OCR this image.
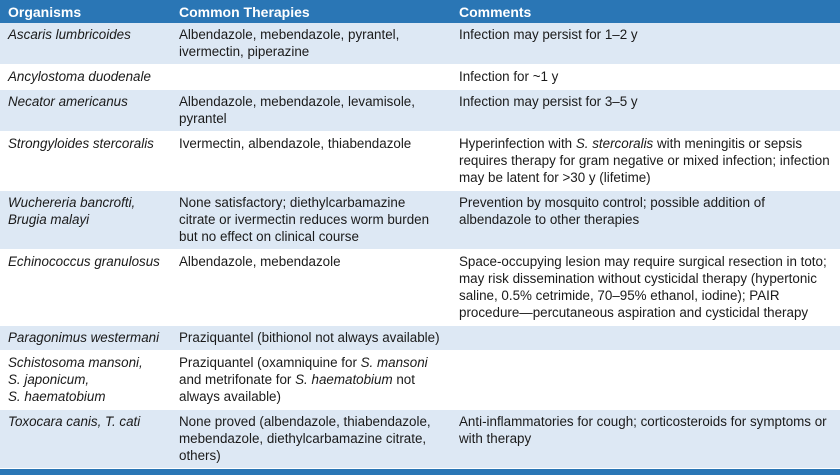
Organisms	Common Therapies	Comments
Ascaris lumbricoides	Albendazole, mebendazole, pyrantel, ivermectin, piperazine	Infection may persist for 1–2 y
Ancylostoma duodenale		Infection for ~1 y
Necator americanus	Albendazole, mebendazole, levamisole, pyrantel	Infection may persist for 3–5 y
Strongyloides stercoralis	Ivermectin, albendazole, thiabendazole	Hyperinfection with S. stercoralis with meningitis or sepsis requires therapy for gram negative or mixed infection; infection may be latent for >30 y (lifetime)
Wuchereria bancrofti,
Brugia malayi	None satisfactory; diethylcarbamazine citrate or ivermectin reduces worm burden but no effect on clinical course	Prevention by mosquito control; possible addition of albendazole to other therapies
Echinococcus granulosus	Albendazole, mebendazole	Space-occupying lesion may require surgical resection in toto; may risk dissemination without cysticidal therapy (hypertonic saline, 0.5% cetrimide, 70–95% ethanol, iodine); PAIR procedure—percutaneous aspiration and cysticidal therapy
Paragonimus westermani	Praziquantel (bithionol not always available)	
Schistosoma mansoni,
S. japonicum,
S. haematobium	Praziquantel (oxamniquine for S. mansoni and metrifonate for S. haematobium not always available)	
Toxocara canis, T. cati	None proved (albendazole, thiabendazole, mebendazole, diethylcarbamazine citrate, others)	Anti-inflammatories for cough; corticosteroids for symptoms or with therapy
